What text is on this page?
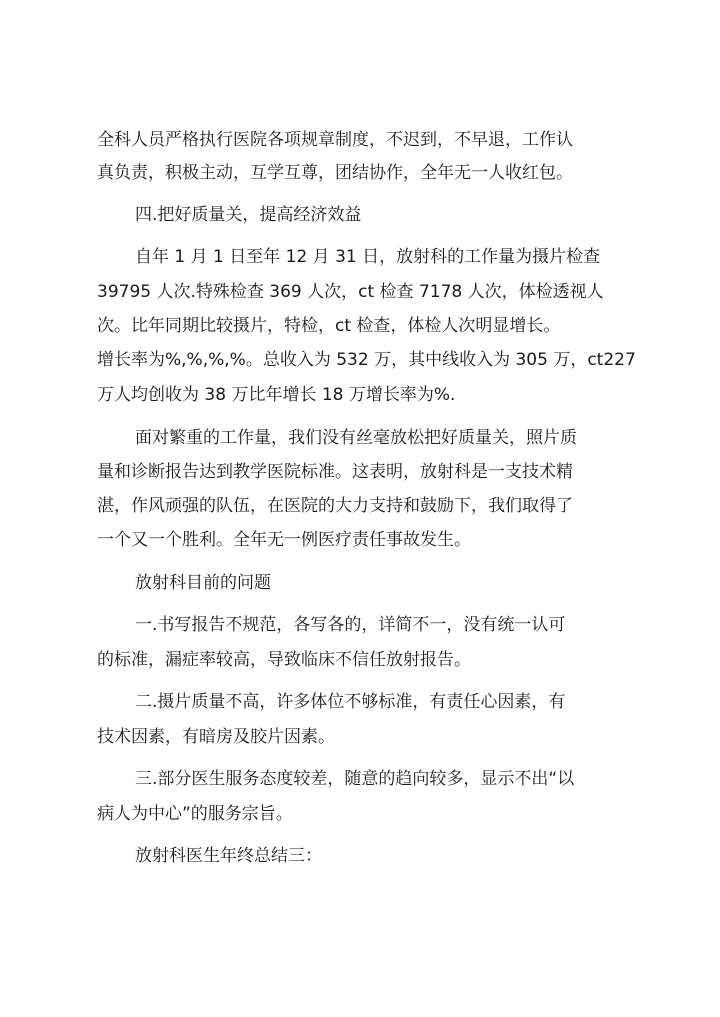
全科人员严格执行医院各项规章制度，不迟到，不早退，工作认
真负责，积极主动，互学互尊，团结协作，全年无一人收红包。
四.把好质量关，提高经济效益
自年 1 月 1 日至年 12 月 31 日，放射科的工作量为摄片检查
39795 人次.特殊检查 369 人次，ct 检查 7178 人次，体检透视人
次。比年同期比较摄片，特检，ct 检查，体检人次明显增长。
增长率为%,%,%,%。总收入为 532 万，其中线收入为 305 万，ct227
万人均创收为 38 万比年增长 18 万增长率为%.
面对繁重的工作量，我们没有丝毫放松把好质量关，照片质
量和诊断报告达到教学医院标准。这表明，放射科是一支技术精
湛，作风顽强的队伍，在医院的大力支持和鼓励下，我们取得了
一个又一个胜利。全年无一例医疗责任事故发生。
放射科目前的问题
一.书写报告不规范，各写各的，详简不一，没有统一认可
的标准，漏症率较高，导致临床不信任放射报告。
二.摄片质量不高，许多体位不够标准，有责任心因素，有
技术因素，有暗房及胶片因素。
三.部分医生服务态度较差，随意的趋向较多，显示不出“以
病人为中心”的服务宗旨。
放射科医生年终总结三：
